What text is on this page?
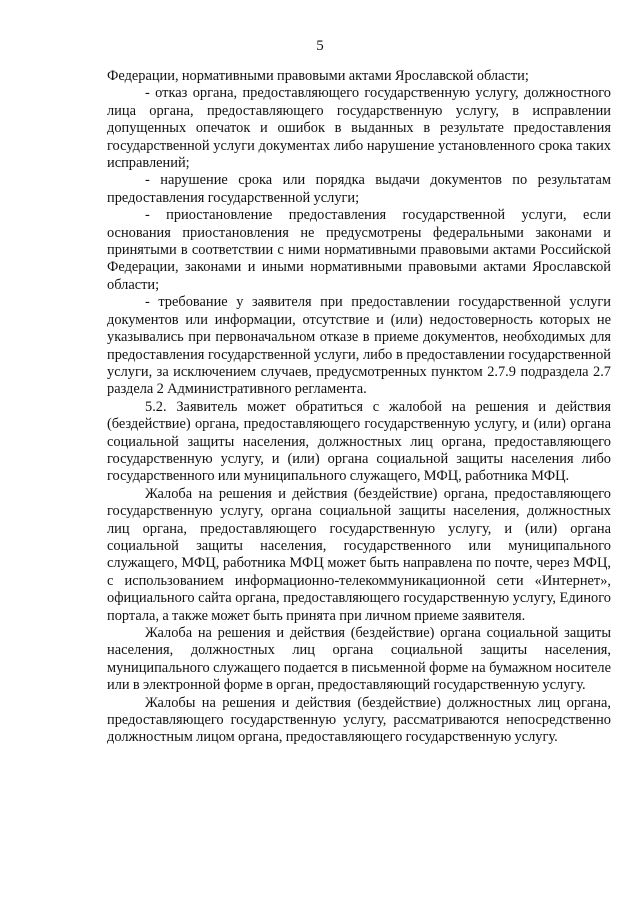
5

Федерации, нормативными правовыми актами Ярославской области;

- отказ органа, предоставляющего государственную услугу, должностного лица органа, предоставляющего государственную услугу, в исправлении допущенных опечаток и ошибок в выданных в результате предоставления государственной услуги документах либо нарушение установленного срока таких исправлений;

- нарушение срока или порядка выдачи документов по результатам предоставления государственной услуги;

- приостановление предоставления государственной услуги, если основания приостановления не предусмотрены федеральными законами и принятыми в соответствии с ними нормативными правовыми актами Российской Федерации, законами и иными нормативными правовыми актами Ярославской области;

- требование у заявителя при предоставлении государственной услуги документов или информации, отсутствие и (или) недостоверность которых не указывались при первоначальном отказе в приеме документов, необходимых для предоставления государственной услуги, либо в предоставлении государственной услуги, за исключением случаев, предусмотренных пунктом 2.7.9 подраздела 2.7 раздела 2 Административного регламента.

5.2. Заявитель может обратиться с жалобой на решения и действия (бездействие) органа, предоставляющего государственную услугу, и (или) органа социальной защиты населения, должностных лиц органа, предоставляющего государственную услугу, и (или) органа социальной защиты населения либо государственного или муниципального служащего, МФЦ, работника МФЦ.

Жалоба на решения и действия (бездействие) органа, предоставляющего государственную услугу, органа социальной защиты населения, должностных лиц органа, предоставляющего государственную услугу, и (или) органа социальной защиты населения, государственного или муниципального служащего, МФЦ, работника МФЦ может быть направлена по почте, через МФЦ, с использованием информационно-телекоммуникационной сети «Интернет», официального сайта органа, предоставляющего государственную услугу, Единого портала, а также может быть принята при личном приеме заявителя.

Жалоба на решения и действия (бездействие) органа социальной защиты населения, должностных лиц органа социальной защиты населения, муниципального служащего подается в письменной форме на бумажном носителе или в электронной форме в орган, предоставляющий государственную услугу.

Жалобы на решения и действия (бездействие) должностных лиц органа, предоставляющего государственную услугу, рассматриваются непосредственно должностным лицом органа, предоставляющего государственную услугу.
